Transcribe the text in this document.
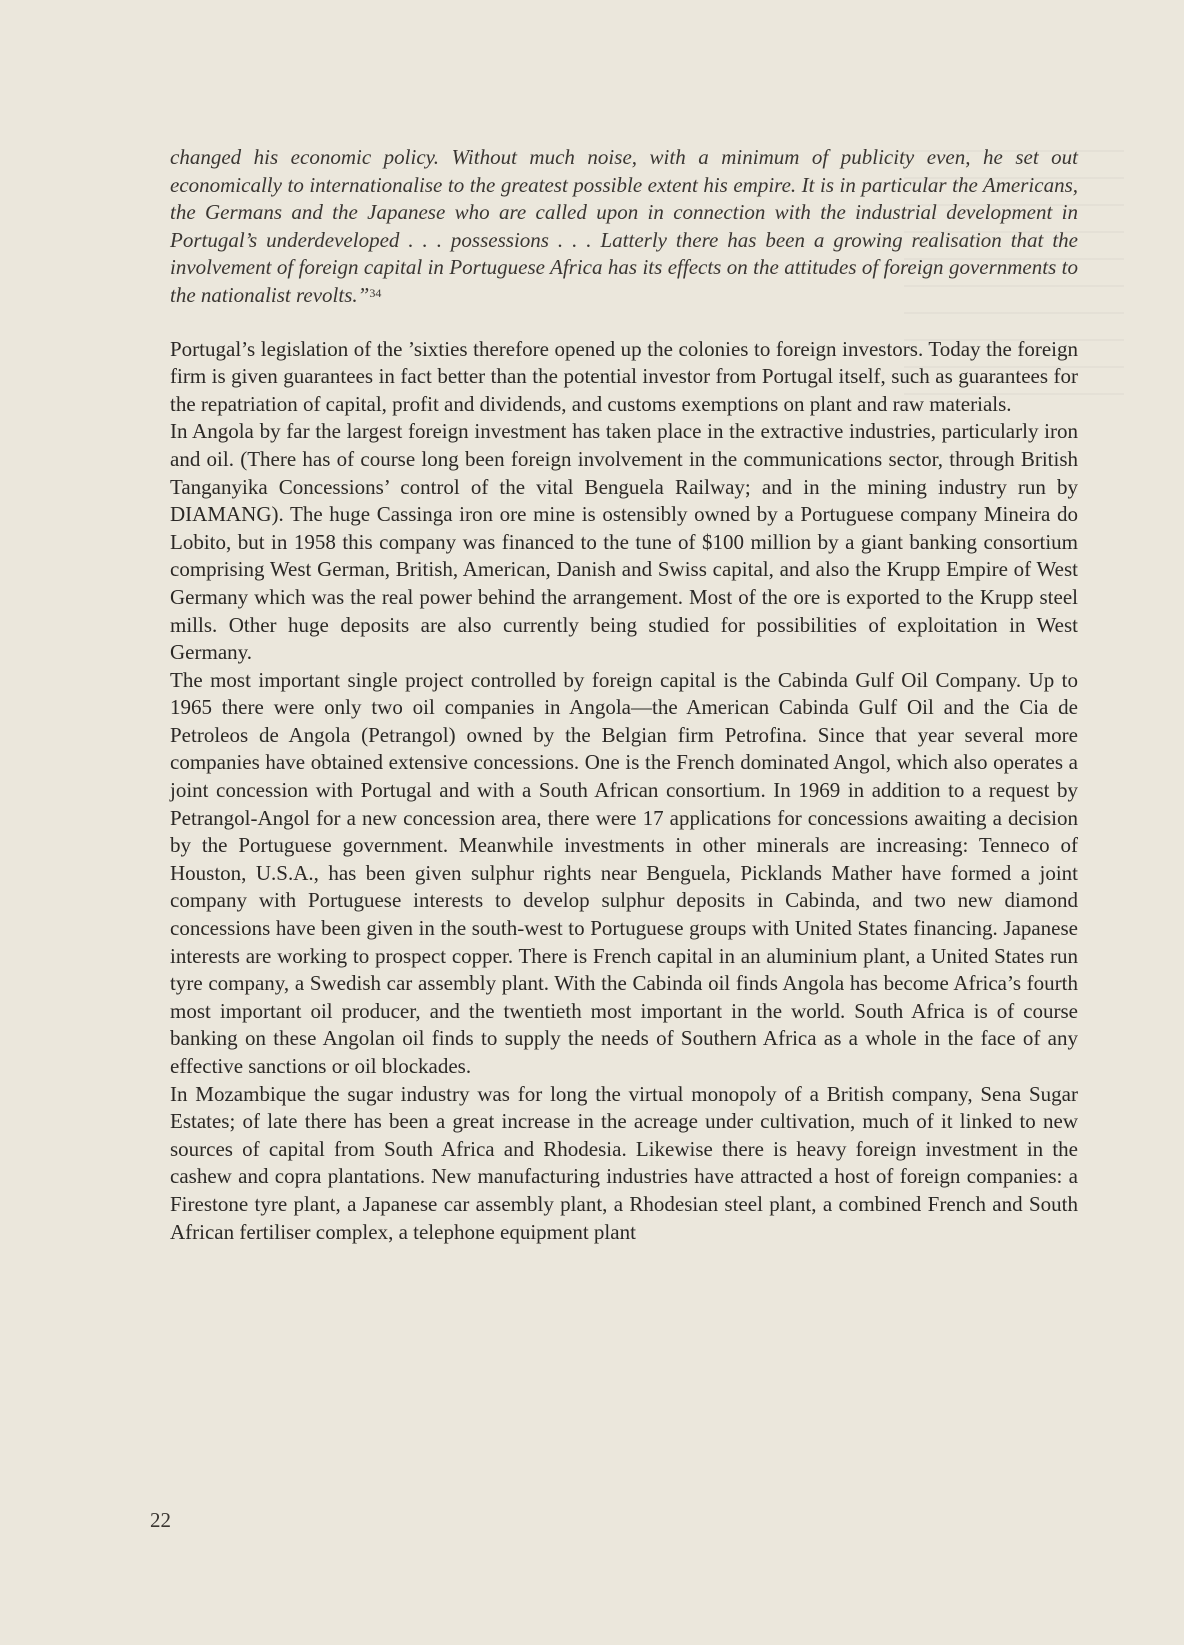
changed his economic policy. Without much noise, with a minimum of publicity even, he set out economically to internationalise to the greatest possible extent his empire. It is in particular the Americans, the Germans and the Japanese who are called upon in connection with the industrial development in Portugal’s underdeveloped . . . possessions . . . Latterly there has been a growing realisation that the involvement of foreign capital in Portuguese Africa has its effects on the attitudes of foreign governments to the nationalist revolts.”$^{34}$

Portugal’s legislation of the ’sixties therefore opened up the colonies to foreign investors. Today the foreign firm is given guarantees in fact better than the potential investor from Portugal itself, such as guarantees for the repatriation of capital, profit and dividends, and customs exemptions on plant and raw materials.

In Angola by far the largest foreign investment has taken place in the extractive industries, particularly iron and oil. (There has of course long been foreign involvement in the communications sector, through British Tanganyika Concessions’ control of the vital Benguela Railway; and in the mining industry run by DIAMANG). The huge Cassinga iron ore mine is ostensibly owned by a Portuguese company Mineira do Lobito, but in 1958 this company was financed to the tune of $100 million by a giant banking consortium comprising West German, British, American, Danish and Swiss capital, and also the Krupp Empire of West Germany which was the real power behind the arrangement. Most of the ore is exported to the Krupp steel mills. Other huge deposits are also currently being studied for possibilities of exploitation in West Germany.

The most important single project controlled by foreign capital is the Cabinda Gulf Oil Company. Up to 1965 there were only two oil companies in Angola—the American Cabinda Gulf Oil and the Cia de Petroleos de Angola (Petrangol) owned by the Belgian firm Petrofina. Since that year several more companies have obtained extensive concessions. One is the French dominated Angol, which also operates a joint concession with Portugal and with a South African consortium. In 1969 in addition to a request by Petrangol-Angol for a new concession area, there were 17 applications for concessions awaiting a decision by the Portuguese government. Meanwhile investments in other minerals are increasing: Tenneco of Houston, U.S.A., has been given sulphur rights near Benguela, Picklands Mather have formed a joint company with Portuguese interests to develop sulphur deposits in Cabinda, and two new diamond concessions have been given in the south-west to Portuguese groups with United States financing. Japanese interests are working to prospect copper. There is French capital in an aluminium plant, a United States run tyre company, a Swedish car assembly plant. With the Cabinda oil finds Angola has become Africa’s fourth most important oil producer, and the twentieth most important in the world. South Africa is of course banking on these Angolan oil finds to supply the needs of Southern Africa as a whole in the face of any effective sanctions or oil blockades.

In Mozambique the sugar industry was for long the virtual monopoly of a British company, Sena Sugar Estates; of late there has been a great increase in the acreage under cultivation, much of it linked to new sources of capital from South Africa and Rhodesia. Likewise there is heavy foreign investment in the cashew and copra plantations. New manufacturing industries have attracted a host of foreign companies: a Firestone tyre plant, a Japanese car assembly plant, a Rhodesian steel plant, a combined French and South African fertiliser complex, a telephone equipment plant

22
